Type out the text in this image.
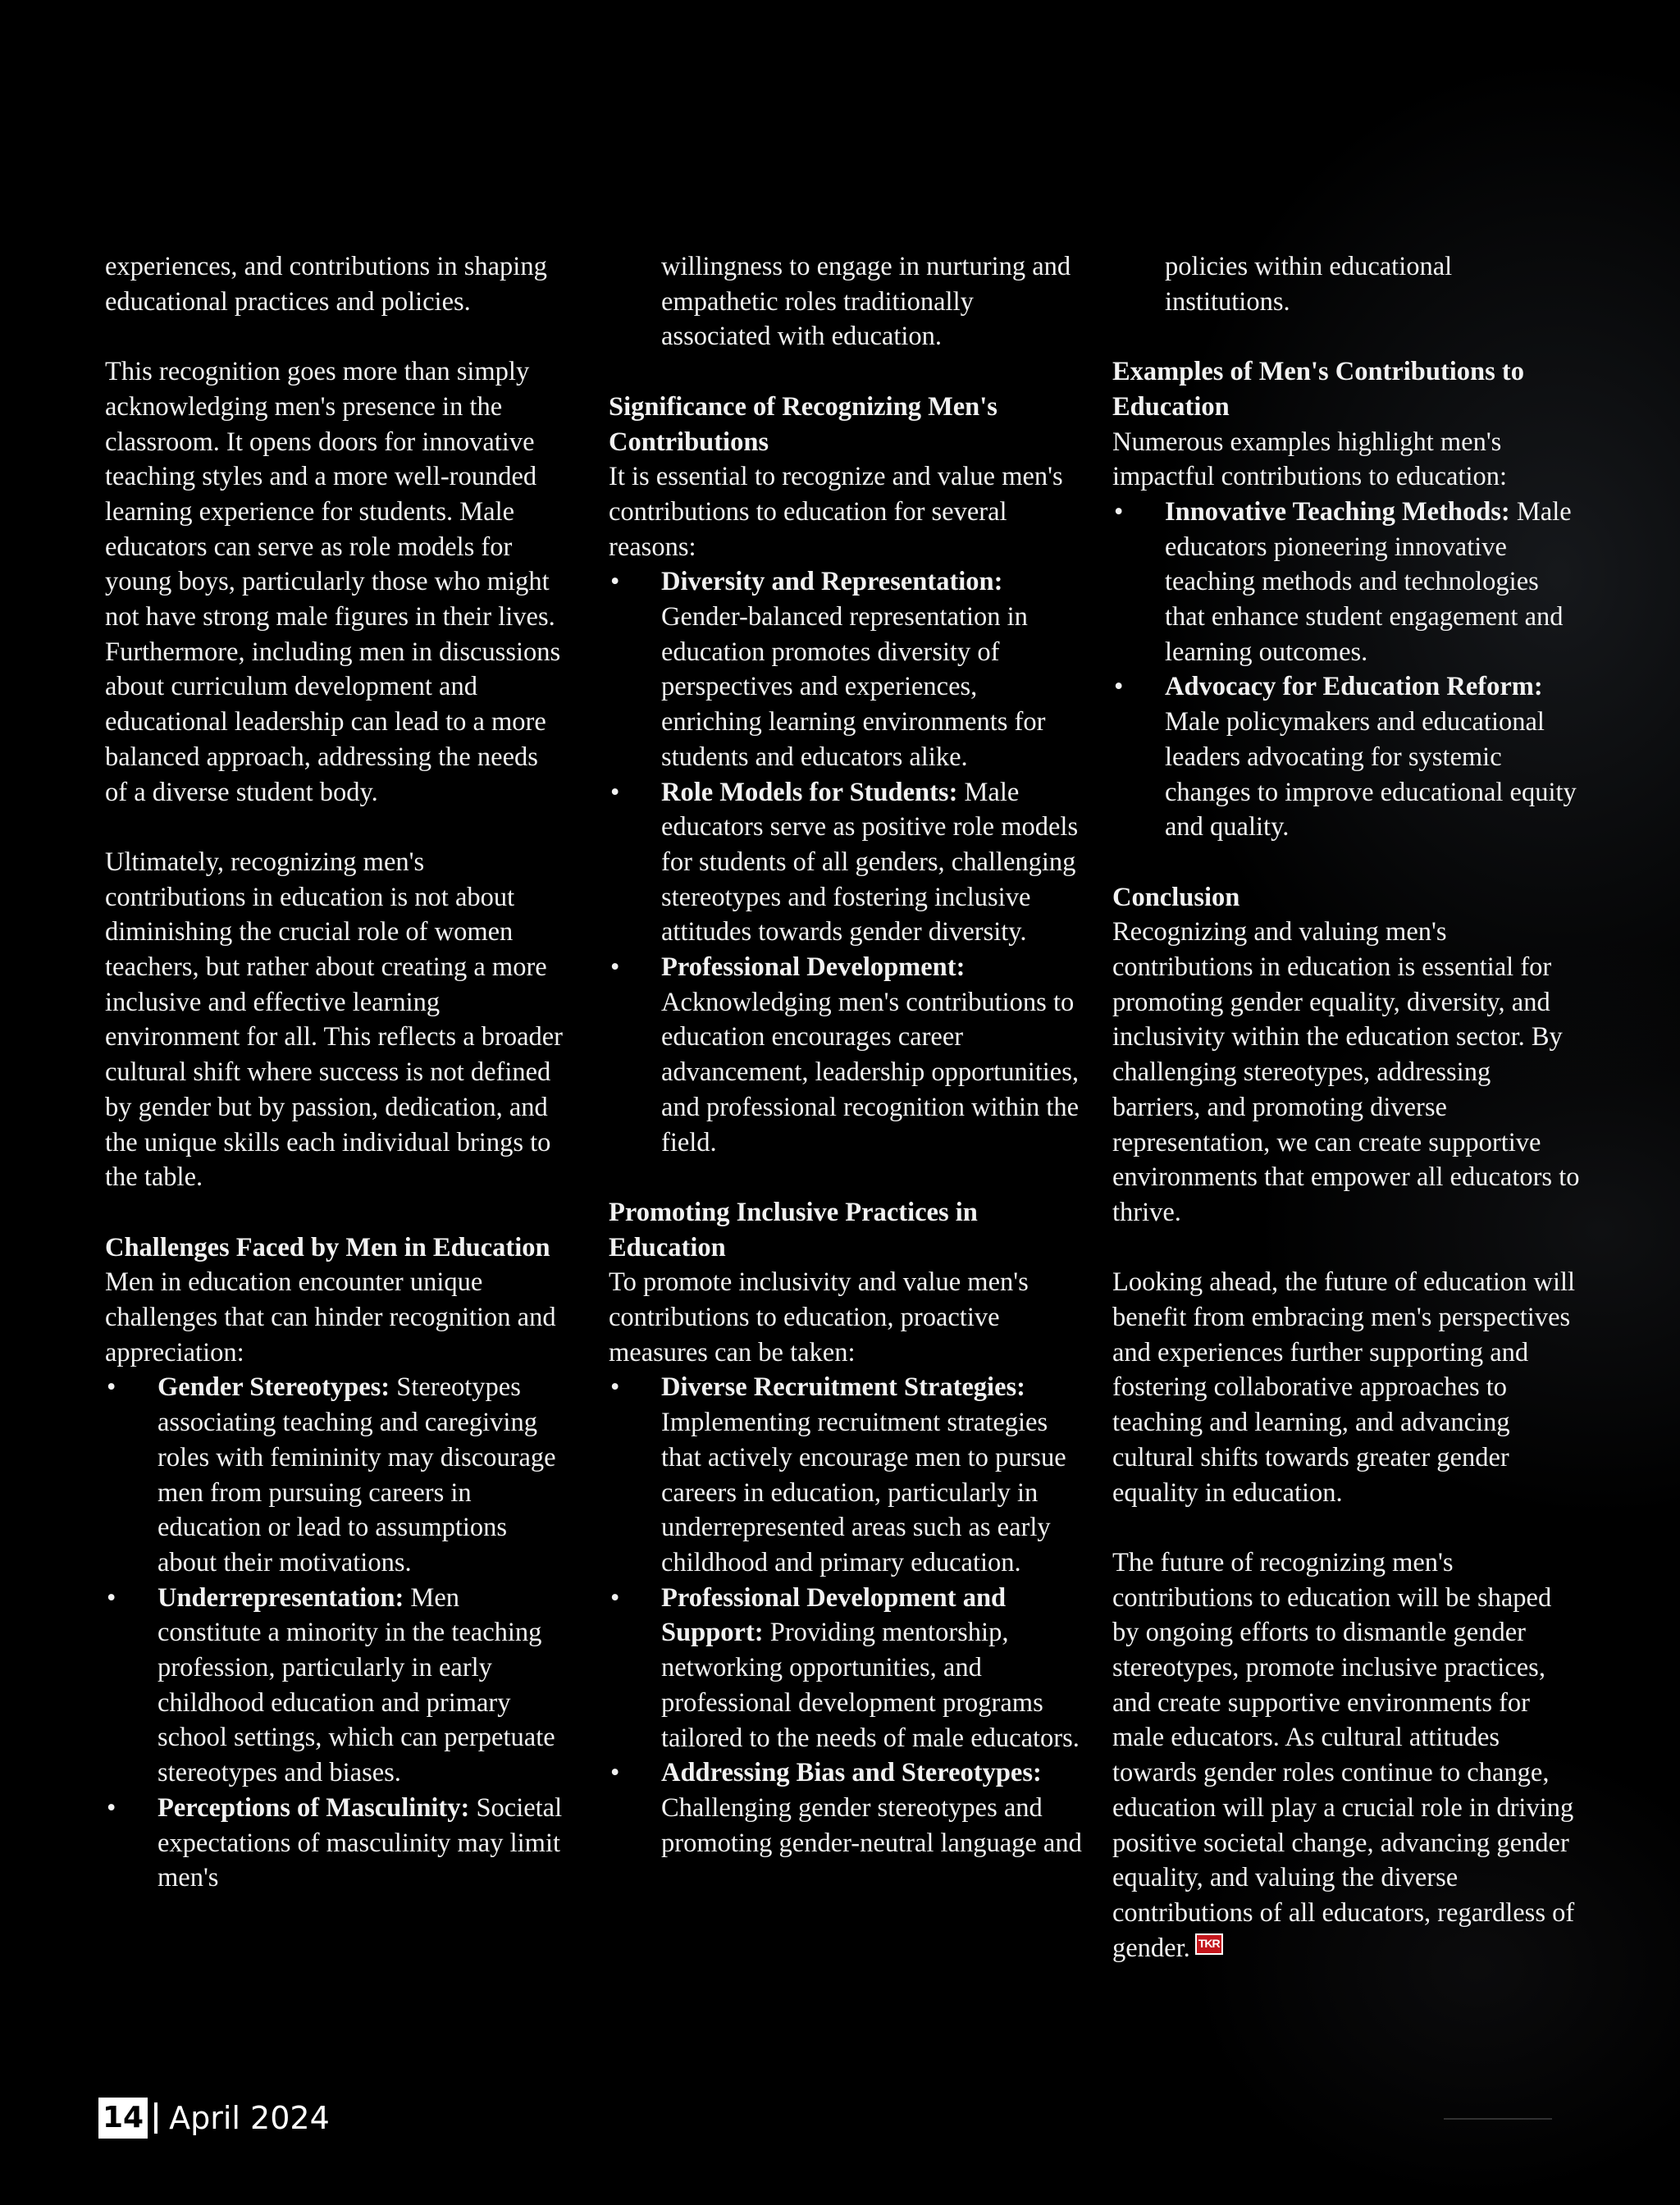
experiences, and contributions in shaping educational practices and policies.

This recognition goes more than simply acknowledging men's presence in the classroom. It opens doors for innovative teaching styles and a more well-rounded learning experience for students. Male educators can serve as role models for young boys, particularly those who might not have strong male figures in their lives. Furthermore, including men in discussions about curriculum development and educational leadership can lead to a more balanced approach, addressing the needs of a diverse student body.

Ultimately, recognizing men's contributions in education is not about diminishing the crucial role of women teachers, but rather about creating a more inclusive and effective learning environment for all. This reflects a broader cultural shift where success is not defined by gender but by passion, dedication, and the unique skills each individual brings to the table.

Challenges Faced by Men in Education

Men in education encounter unique challenges that can hinder recognition and appreciation:

• Gender Stereotypes: Stereotypes associating teaching and caregiving roles with femininity may discourage men from pursuing careers in education or lead to assumptions about their motivations.
• Underrepresentation: Men constitute a minority in the teaching profession, particularly in early childhood education and primary school settings, which can perpetuate stereotypes and biases.
• Perceptions of Masculinity: Societal expectations of masculinity may limit men's

willingness to engage in nurturing and empathetic roles traditionally associated with education.

Significance of Recognizing Men's Contributions

It is essential to recognize and value men's contributions to education for several reasons:

• Diversity and Representation: Gender-balanced representation in education promotes diversity of perspectives and experiences, enriching learning environments for students and educators alike.
• Role Models for Students: Male educators serve as positive role models for students of all genders, challenging stereotypes and fostering inclusive attitudes towards gender diversity.
• Professional Development: Acknowledging men's contributions to education encourages career advancement, leadership opportunities, and professional recognition within the field.

Promoting Inclusive Practices in Education

To promote inclusivity and value men's contributions to education, proactive measures can be taken:

• Diverse Recruitment Strategies: Implementing recruitment strategies that actively encourage men to pursue careers in education, particularly in underrepresented areas such as early childhood and primary education.
• Professional Development and Support: Providing mentorship, networking opportunities, and professional development programs tailored to the needs of male educators.
• Addressing Bias and Stereotypes: Challenging gender stereotypes and promoting gender-neutral language and

policies within educational institutions.

Examples of Men's Contributions to Education

Numerous examples highlight men's impactful contributions to education:

• Innovative Teaching Methods: Male educators pioneering innovative teaching methods and technologies that enhance student engagement and learning outcomes.
• Advocacy for Education Reform: Male policymakers and educational leaders advocating for systemic changes to improve educational equity and quality.

Conclusion

Recognizing and valuing men's contributions in education is essential for promoting gender equality, diversity, and inclusivity within the education sector. By challenging stereotypes, addressing barriers, and promoting diverse representation, we can create supportive environments that empower all educators to thrive.

Looking ahead, the future of education will benefit from embracing men's perspectives and experiences further supporting and fostering collaborative approaches to teaching and learning, and advancing cultural shifts towards greater gender equality in education.

The future of recognizing men's contributions to education will be shaped by ongoing efforts to dismantle gender stereotypes, promote inclusive practices, and create supportive environments for male educators. As cultural attitudes towards gender roles continue to change, education will play a crucial role in driving positive societal change, advancing gender equality, and valuing the diverse contributions of all educators, regardless of gender. TKR

14 April 2024
